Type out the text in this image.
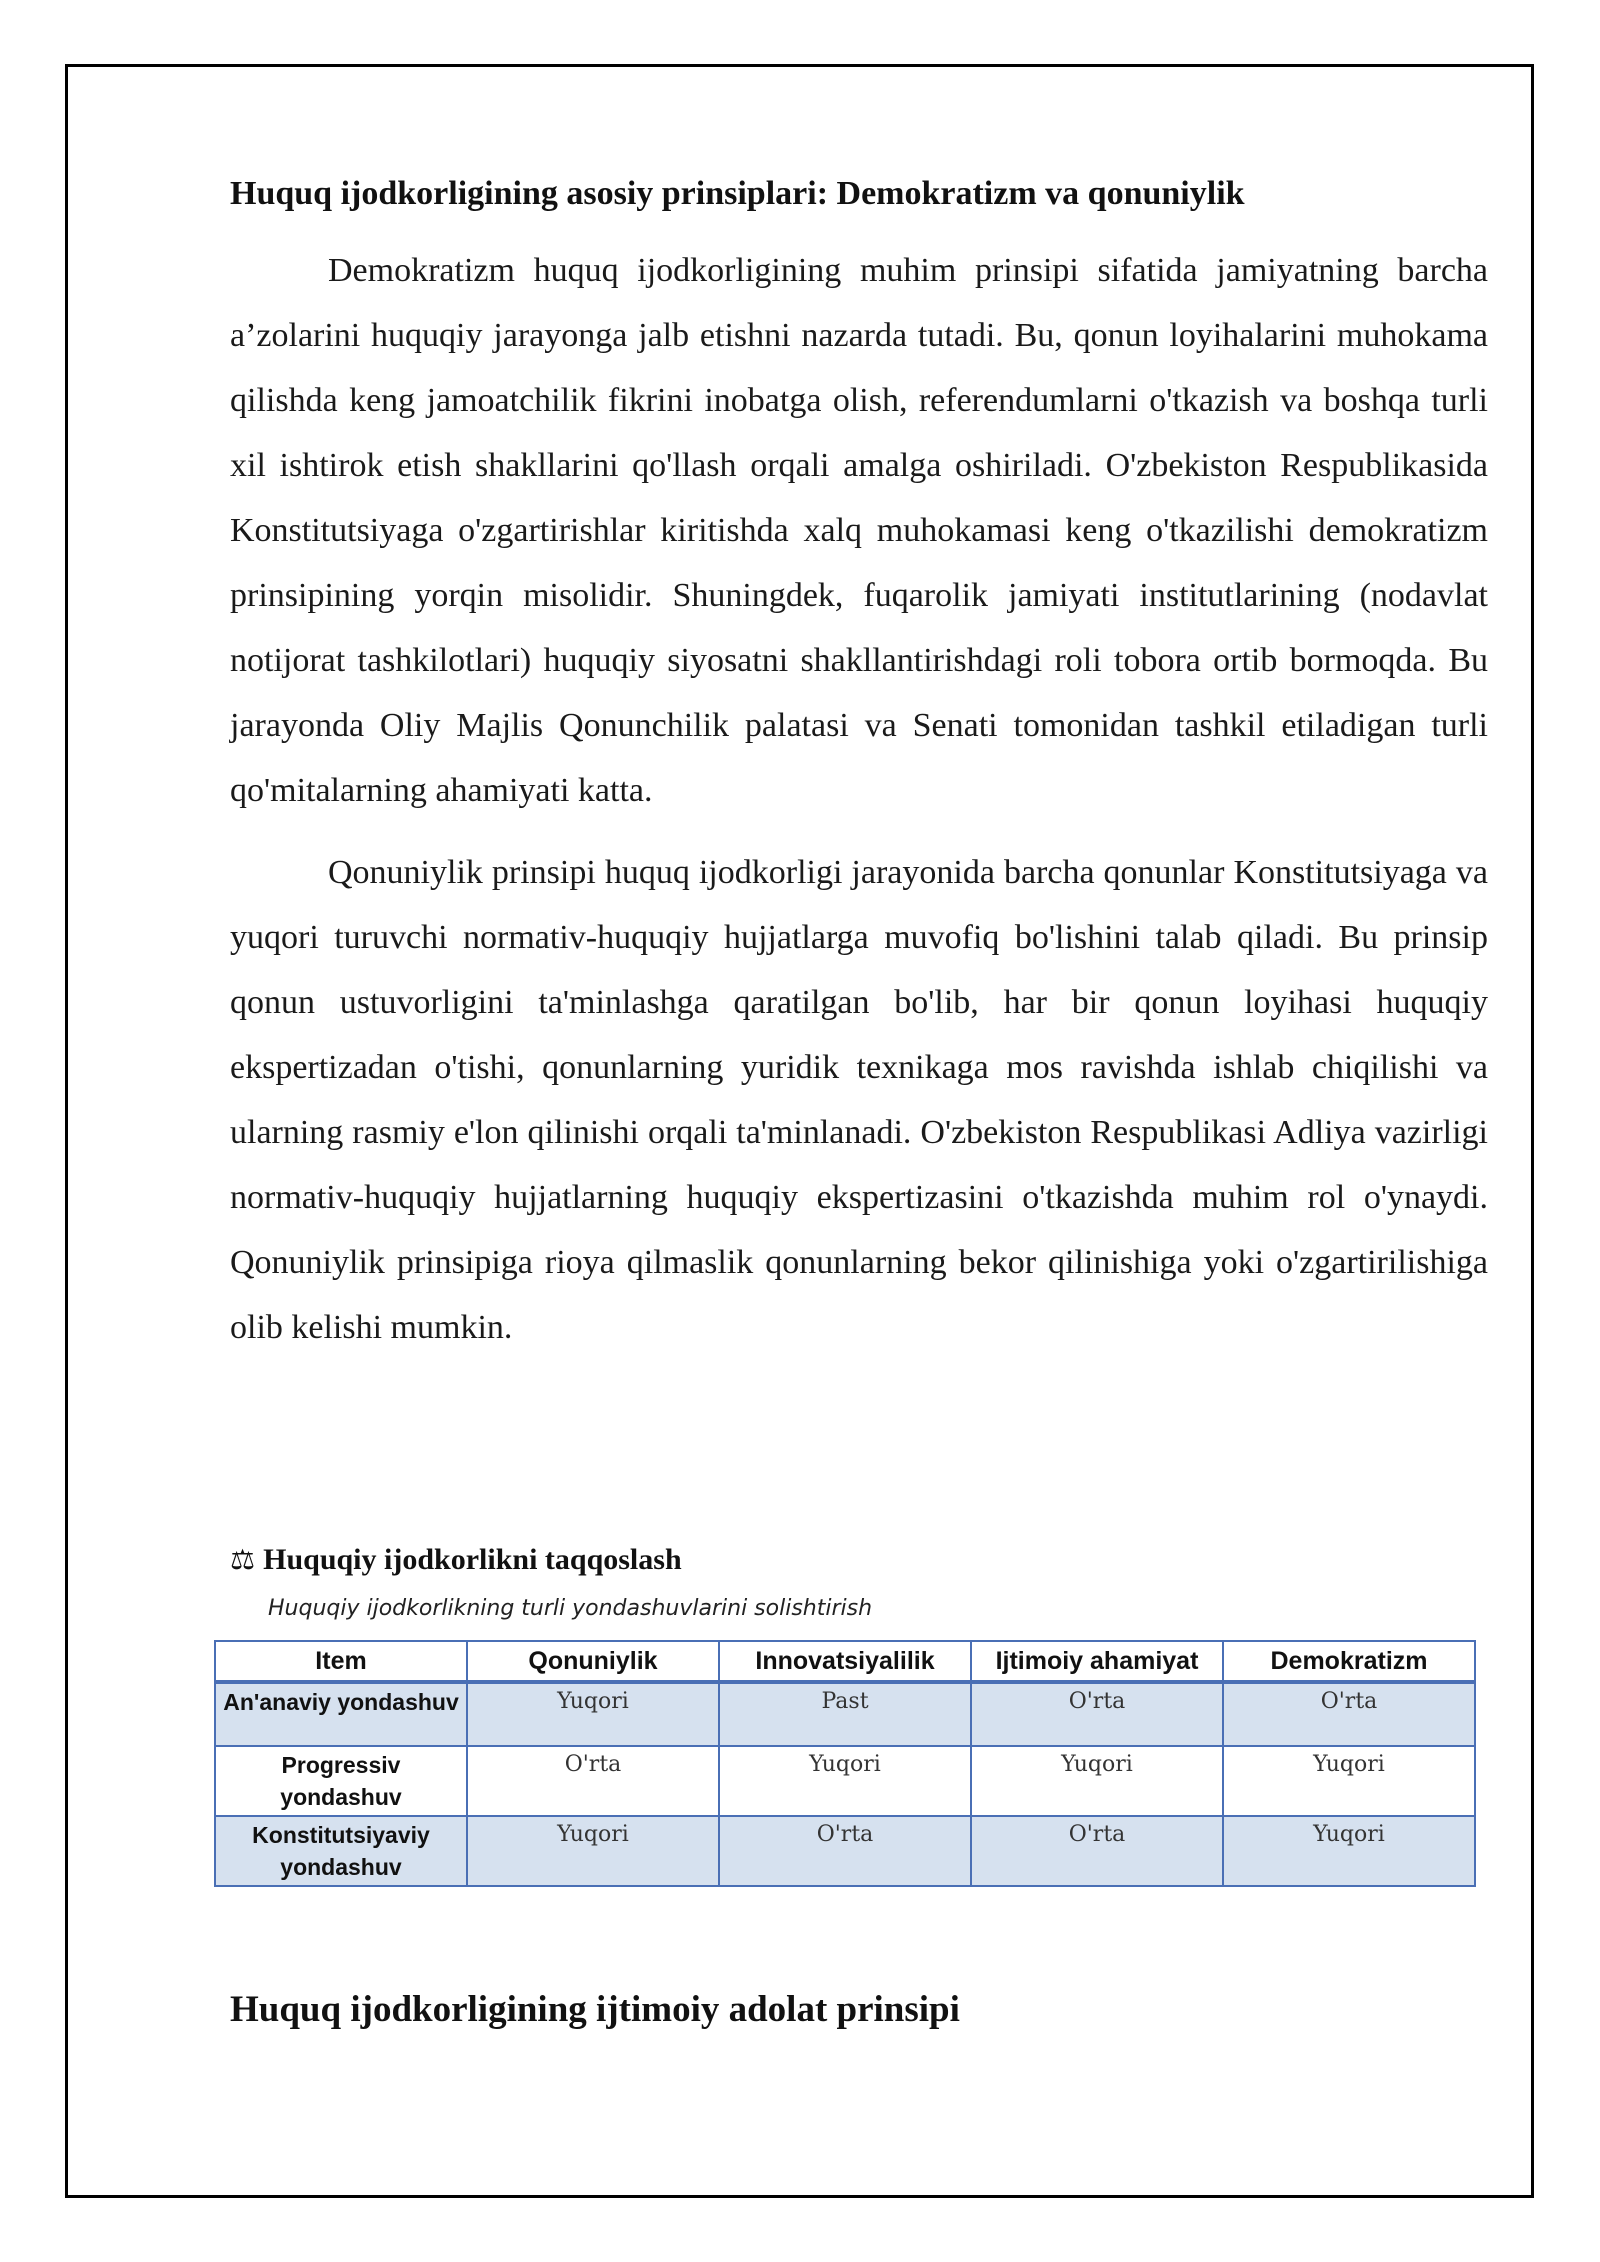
Huquq ijodkorligining asosiy prinsiplari: Demokratizm va qonuniylik

Demokratizm huquq ijodkorligining muhim prinsipi sifatida jamiyatning barcha a’zolarini huquqiy jarayonga jalb etishni nazarda tutadi. Bu, qonun loyihalarini muhokama qilishda keng jamoatchilik fikrini inobatga olish, referendumlarni o'tkazish va boshqa turli xil ishtirok etish shakllarini qo'llash orqali amalga oshiriladi. O'zbekiston Respublikasida Konstitutsiyaga o'zgartirishlar kiritishda xalq muhokamasi keng o'tkazilishi demokratizm prinsipining yorqin misolidir. Shuningdek, fuqarolik jamiyati institutlarining (nodavlat notijorat tashkilotlari) huquqiy siyosatni shakllantirishdagi roli tobora ortib bormoqda. Bu jarayonda Oliy Majlis Qonunchilik palatasi va Senati tomonidan tashkil etiladigan turli qo'mitalarning ahamiyati katta.

Qonuniylik prinsipi huquq ijodkorligi jarayonida barcha qonunlar Konstitutsiyaga va yuqori turuvchi normativ-huquqiy hujjatlarga muvofiq bo'lishini talab qiladi. Bu prinsip qonun ustuvorligini ta'minlashga qaratilgan bo'lib, har bir qonun loyihasi huquqiy ekspertizadan o'tishi, qonunlarning yuridik texnikaga mos ravishda ishlab chiqilishi va ularning rasmiy e'lon qilinishi orqali ta'minlanadi. O'zbekiston Respublikasi Adliya vazirligi normativ-huquqiy hujjatlarning huquqiy ekspertizasini o'tkazishda muhim rol o'ynaydi. Qonuniylik prinsipiga rioya qilmaslik qonunlarning bekor qilinishiga yoki o'zgartirilishiga olib kelishi mumkin.

⚖ Huquqiy ijodkorlikni taqqoslash
Huquqiy ijodkorlikning turli yondashuvlarini solishtirish
Item	Qonuniylik	Innovatsiyalilik	Ijtimoiy ahamiyat	Demokratizm
An'anaviy yondashuv	Yuqori	Past	O'rta	O'rta
Progressiv yondashuv	O'rta	Yuqori	Yuqori	Yuqori
Konstitutsiyaviy yondashuv	Yuqori	O'rta	O'rta	Yuqori
Huquq ijodkorligining ijtimoiy adolat prinsipi
